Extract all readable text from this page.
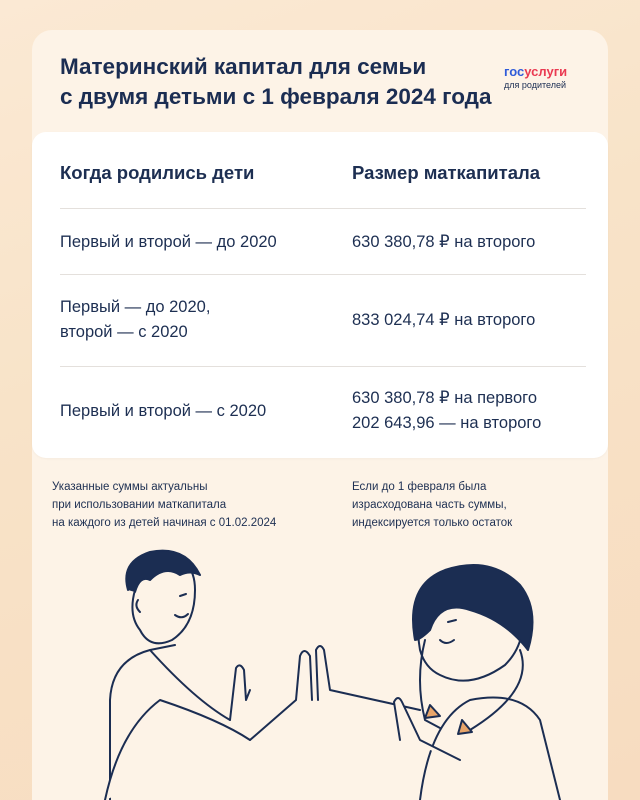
Материнский капитал для семьи
с двумя детьми с 1 февраля 2024 года
госуслуги
для родителей
Когда родились дети	Размер маткапитала
Первый и второй — до 2020	630 380,78 ₽ на второго
Первый — до 2020,
второй — с 2020
833 024,74 ₽ на второго
Первый и второй — с 2020
630 380,78 ₽ на первого
202 643,96 — на второго
Указанные суммы актуальны
при использовании маткапитала
на каждого из детей начиная с 01.02.2024
Если до 1 февраля была
израсходована часть суммы,
индексируется только остаток
